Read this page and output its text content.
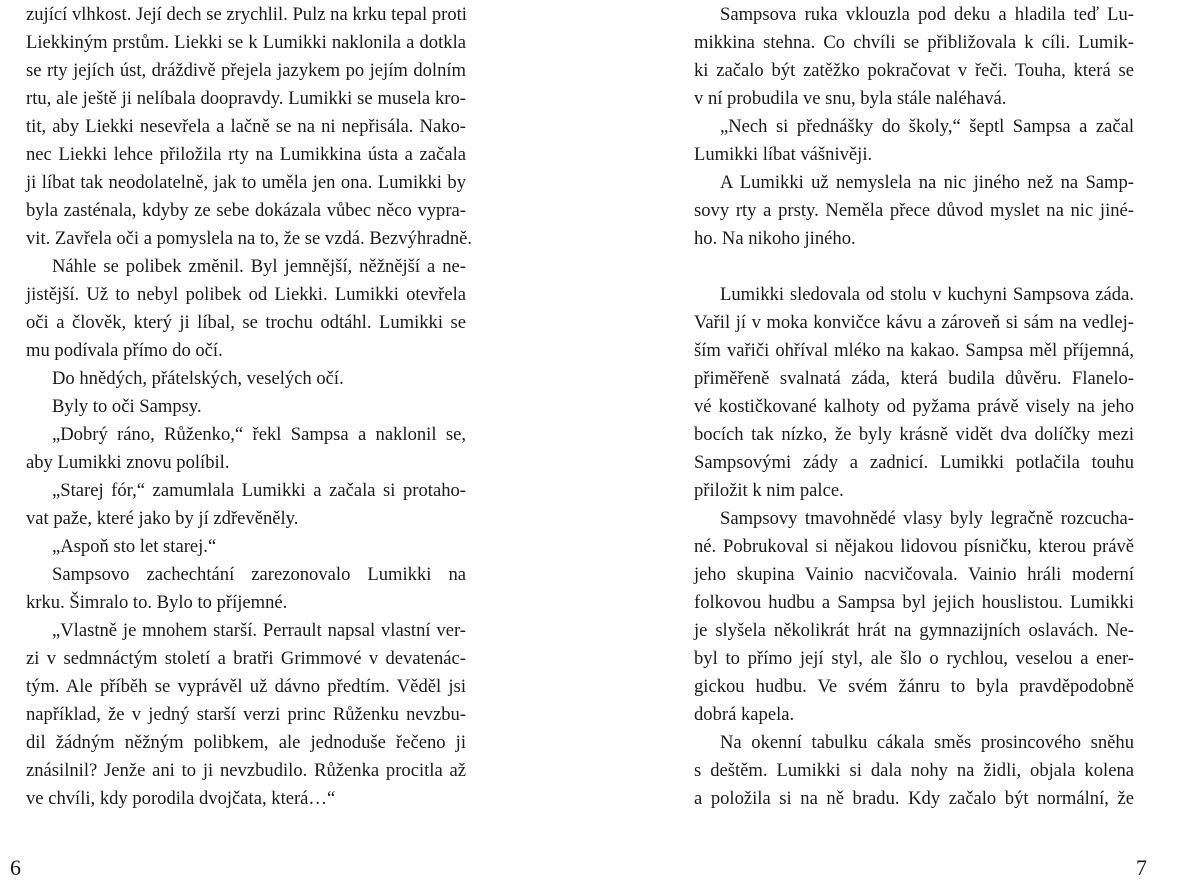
zující vlhkost. Její dech se zrychlil. Pulz na krku tepal proti
Liekkiným prstům. Liekki se k Lumikki naklonila a dotkla
se rty jejích úst, dráždivě přejela jazykem po jejím dolním
rtu, ale ještě ji nelíbala doopravdy. Lumikki se musela kro-
tit, aby Liekki nesevřela a lačně se na ni nepřisála. Nako-
nec Liekki lehce přiložila rty na Lumikkina ústa a začala
ji líbat tak neodolatelně, jak to uměla jen ona. Lumikki by
byla zasténala, kdyby ze sebe dokázala vůbec něco vypra-
vit. Zavřela oči a pomyslela na to, že se vzdá. Bezvýhradně.
Náhle se polibek změnil. Byl jemnější, něžnější a ne-
jistější. Už to nebyl polibek od Liekki. Lumikki otevřela
oči a člověk, který ji líbal, se trochu odtáhl. Lumikki se
mu podívala přímo do očí.
Do hnědých, přátelských, veselých očí.
Byly to oči Sampsy.
„Dobrý ráno, Růženko,“ řekl Sampsa a naklonil se,
aby Lumikki znovu políbil.
„Starej fór,“ zamumlala Lumikki a začala si protaho-
vat paže, které jako by jí zdřevěněly.
„Aspoň sto let starej.“
Sampsovo zachechtání zarezonovalo Lumikki na
krku. Šimralo to. Bylo to příjemné.
„Vlastně je mnohem starší. Perrault napsal vlastní ver-
zi v sedmnáctým století a bratři Grimmové v devatenác-
tým. Ale příběh se vyprávěl už dávno předtím. Věděl jsi
například, že v jedný starší verzi princ Růženku nevzbu-
dil žádným něžným polibkem, ale jednoduše řečeno ji
znásilnil? Jenže ani to ji nevzbudilo. Růženka procitla až
ve chvíli, kdy porodila dvojčata, která…“
6
Sampsova ruka vklouzla pod deku a hladila teď Lu-
mikkina stehna. Co chvíli se přibližovala k cíli. Lumik-
ki začalo být zatěžko pokračovat v řeči. Touha, která se
v ní probudila ve snu, byla stále naléhavá.
„Nech si přednášky do školy,“ šeptl Sampsa a začal
Lumikki líbat vášnivěji.
A Lumikki už nemyslela na nic jiného než na Samp-
sovy rty a prsty. Neměla přece důvod myslet na nic jiné-
ho. Na nikoho jiného.
Lumikki sledovala od stolu v kuchyni Sampsova záda.
Vařil jí v moka konvičce kávu a zároveň si sám na vedlej-
ším vařiči ohříval mléko na kakao. Sampsa měl příjemná,
přiměřeně svalnatá záda, která budila důvěru. Flanelo-
vé kostičkované kalhoty od pyžama právě visely na jeho
bocích tak nízko, že byly krásně vidět dva dolíčky mezi
Sampsovými zády a zadnicí. Lumikki potlačila touhu
přiložit k nim palce.
Sampsovy tmavohnědé vlasy byly legračně rozcucha-
né. Pobrukoval si nějakou lidovou písničku, kterou právě
jeho skupina Vainio nacvičovala. Vainio hráli moderní
folkovou hudbu a Sampsa byl jejich houslistou. Lumikki
je slyšela několikrát hrát na gymnazijních oslavách. Ne-
byl to přímo její styl, ale šlo o rychlou, veselou a ener-
gickou hudbu. Ve svém žánru to byla pravděpodobně
dobrá kapela.
Na okenní tabulku cákala směs prosincového sněhu
s deštěm. Lumikki si dala nohy na židli, objala kolena
a položila si na ně bradu. Kdy začalo být normální, že
7
